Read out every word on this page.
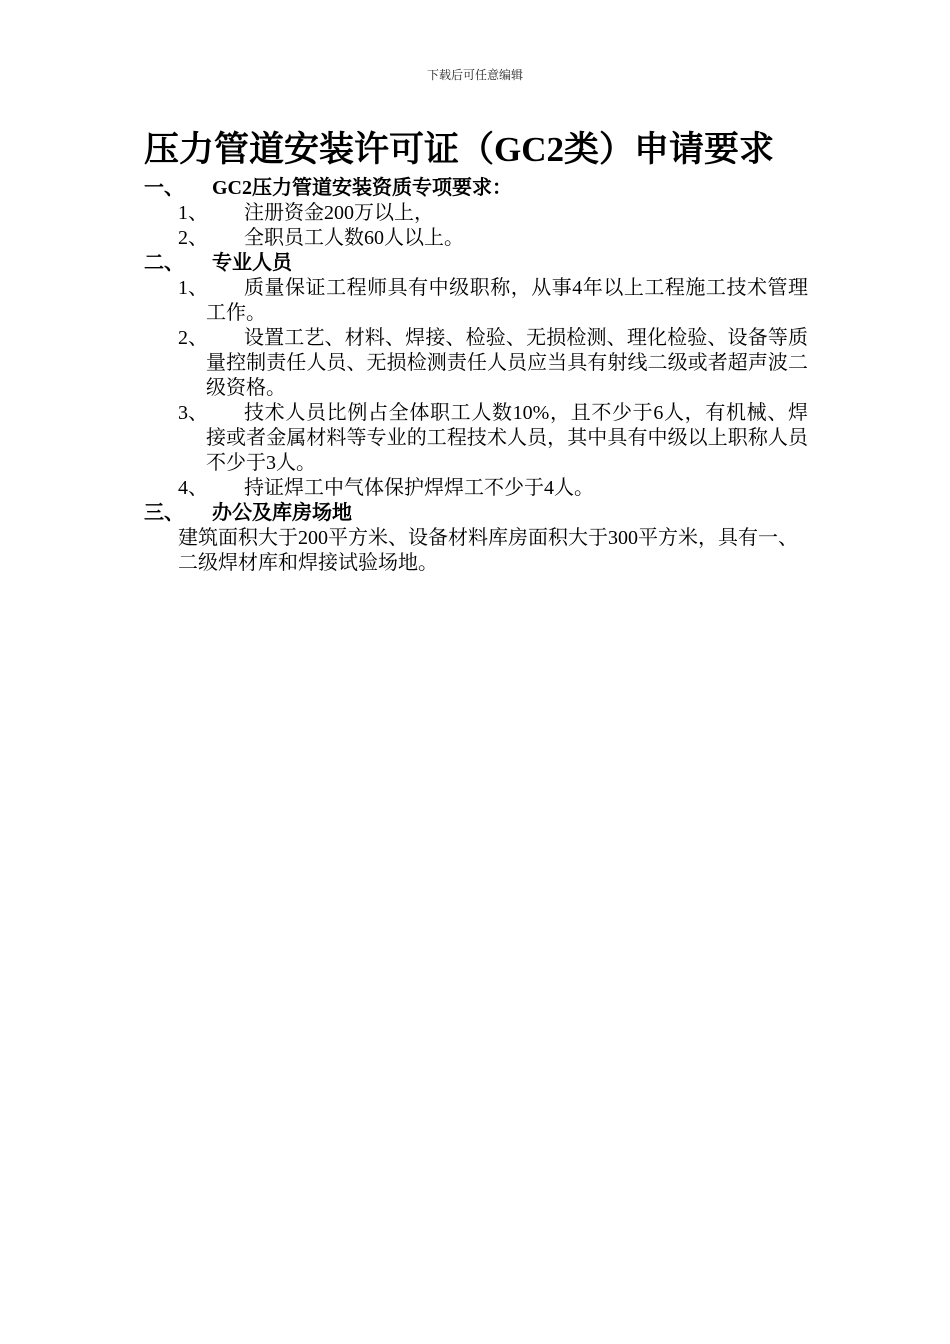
下载后可任意编辑
压力管道安装许可证（GC2类）申请要求
一、	GC2压力管道安装资质专项要求：
1、	注册资金200万以上，
2、	全职员工人数60人以上。
二、	专业人员
1、	质量保证工程师具有中级职称，从事4年以上工程施工技术管理工作。
2、	设置工艺、材料、焊接、检验、无损检测、理化检验、设备等质量控制责任人员、无损检测责任人员应当具有射线二级或者超声波二级资格。
3、	技术人员比例占全体职工人数10%，且不少于6人，有机械、焊接或者金属材料等专业的工程技术人员，其中具有中级以上职称人员不少于3人。
4、	持证焊工中气体保护焊焊工不少于4人。
三、	办公及库房场地

建筑面积大于200平方米、设备材料库房面积大于300平方米，具有一、二级焊材库和焊接试验场地。
